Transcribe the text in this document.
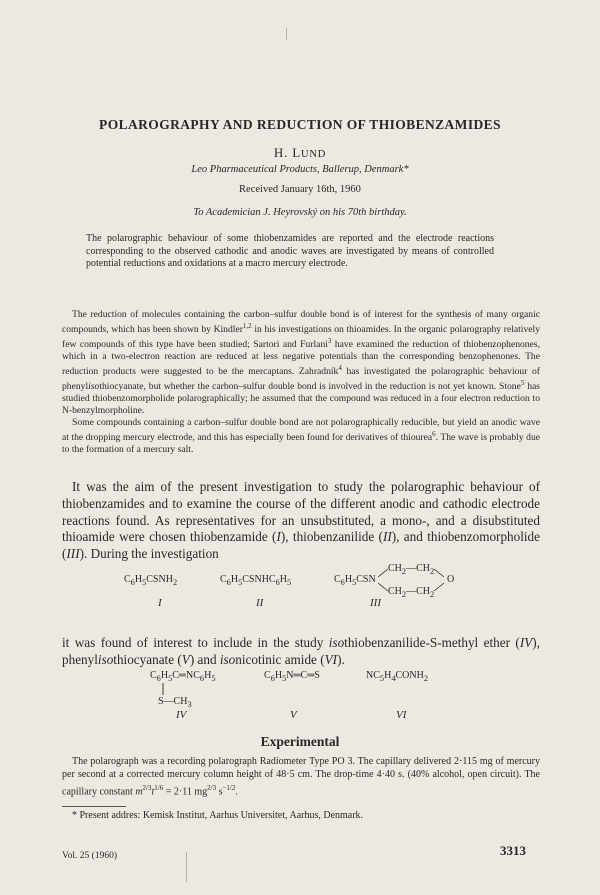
POLAROGRAPHY AND REDUCTION OF THIOBENZAMIDES
H. LUND
Leo Pharmaceutical Products, Ballerup, Denmark*
Received January 16th, 1960
To Academician J. Heyrovský on his 70th birthday.
The polarographic behaviour of some thiobenzamides are reported and the electrode reactions corresponding to the observed cathodic and anodic waves are investigated by means of controlled potential reductions and oxidations at a macro mercury electrode.

The reduction of molecules containing the carbon–sulfur double bond is of interest for the synthesis of many organic compounds, which has been shown by Kindler$^{1,2}$ in his investigations on thioamides. In the organic polarography relatively few compounds of this type have been studied; Sartori and Furlani$^3$ have examined the reduction of thiobenzophenones, which in a two-electron reaction are reduced at less negative potentials than the corresponding benzophenones. The reduction products were suggested to be the mercaptans. Zahradník$^4$ has investigated the polarographic behaviour of phenylisothiocyanate, but whether the carbon–sulfur double bond is involved in the reduction is not yet known. Stone$^5$ has studied thiobenzomorpholide polarographically; he assumed that the compound was reduced in a four electron reduction to N-benzylmorpholine.

Some compounds containing a carbon–sulfur double bond are not polarographically reducible, but yield an anodic wave at the dropping mercury electrode, and this has especially been found for derivatives of thiourea$^6$. The wave is probably due to the formation of a mercury salt.

It was the aim of the present investigation to study the polarographic behaviour of thiobenzamides and to examine the course of the different anodic and cathodic electrode reactions found. As representatives for an unsubstituted, a mono-, and a disubstituted thioamide were chosen thiobenzamide (I), thiobenzanilide (II), and thiobenzomorpholide (III). During the investigation

$C_6H_5CSNH_2$	$C_6H_5CSNHC_6H_5$	$C_6H_5CSN$
$CH_2—CH_2$
$CH_2—CH_2$
O
I	II	III

it was found of interest to include in the study isothiobenzanilide-S-methyl ether (IV), phenylisothiocyanate (V) and isonicotinic amide (VI).

$C_6H_5C═NC_6H_5$
$S—CH_3$
$C_6H_5N═C═S$	$NC_5H_4CONH_2$
IV	V	VI
Experimental

The polarograph was a recording polarograph Radiometer Type PO 3. The capillary delivered 2·115 mg of mercury per second at a corrected mercury column height of 48·5 cm. The drop-time 4·40 s. (40% alcohol, open circuit). The capillary constant $m^{2/3}t^{1/6} = 2\cdot 11$ $mg^{2/3}$ $s^{-1/2}$.

* Present addres: Kemisk Institut, Aarhus Universitet, Aarhus, Denmark.
Vol. 25 (1960)	3313
